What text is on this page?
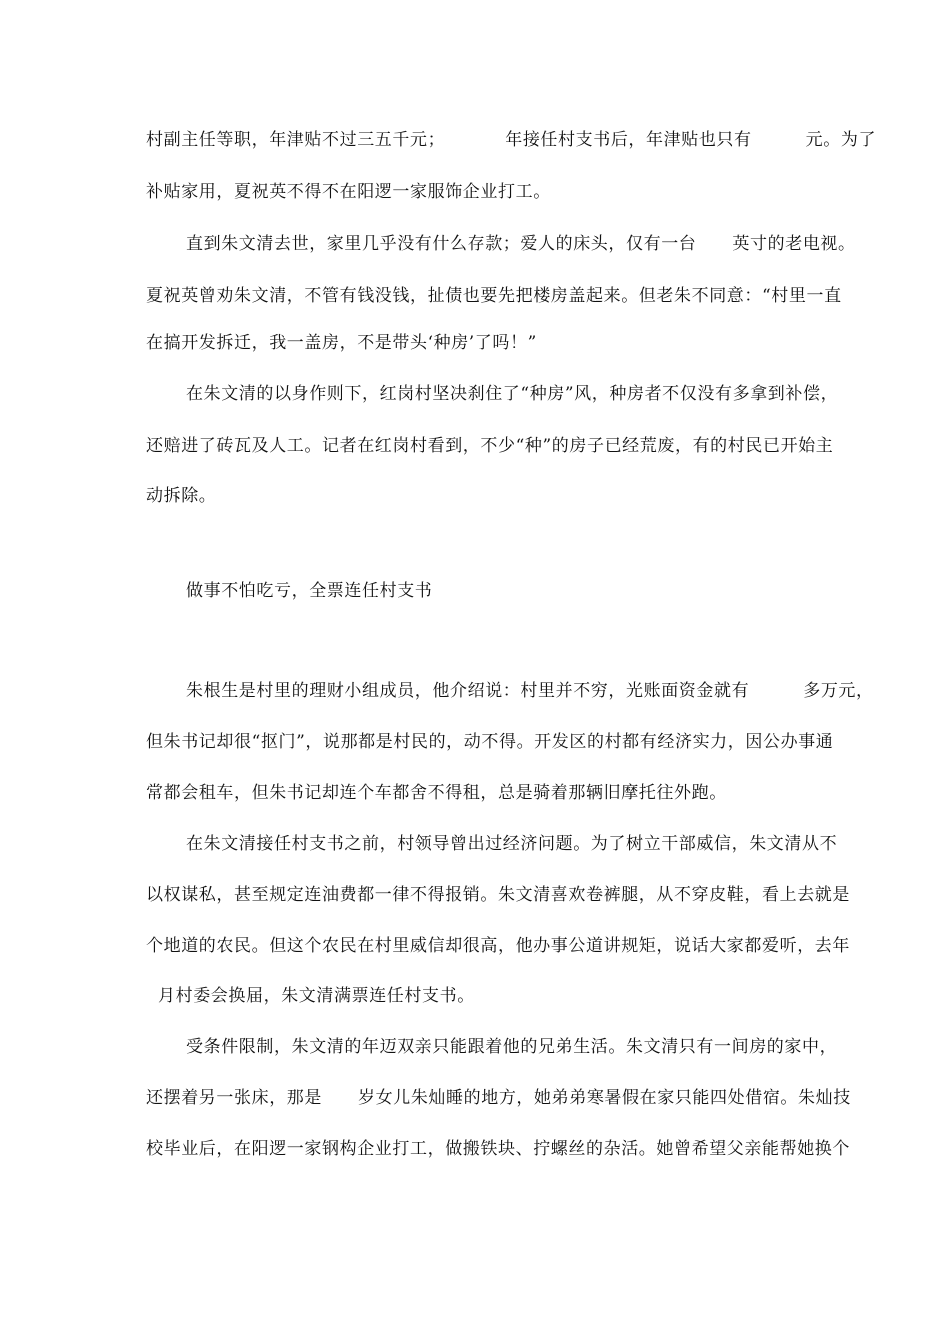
村副主任等职，年津贴不过三五千元；          年接任村支书后，年津贴也只有         元。为了
补贴家用，夏祝英不得不在阳逻一家服饰企业打工。
直到朱文清去世，家里几乎没有什么存款；爱人的床头，仅有一台      英寸的老电视。
夏祝英曾劝朱文清，不管有钱没钱，扯债也要先把楼房盖起来。但老朱不同意：“村里一直
在搞开发拆迁，我一盖房，不是带头‘种房’了吗！”
在朱文清的以身作则下，红岗村坚决刹住了“种房”风，种房者不仅没有多拿到补偿，
还赔进了砖瓦及人工。记者在红岗村看到，不少“种”的房子已经荒废，有的村民已开始主
动拆除。
做事不怕吃亏，全票连任村支书
朱根生是村里的理财小组成员，他介绍说：村里并不穷，光账面资金就有         多万元，
但朱书记却很“抠门”，说那都是村民的，动不得。开发区的村都有经济实力，因公办事通
常都会租车，但朱书记却连个车都舍不得租，总是骑着那辆旧摩托往外跑。
在朱文清接任村支书之前，村领导曾出过经济问题。为了树立干部威信，朱文清从不
以权谋私，甚至规定连油费都一律不得报销。朱文清喜欢卷裤腿，从不穿皮鞋，看上去就是
个地道的农民。但这个农民在村里威信却很高，他办事公道讲规矩，说话大家都爱听，去年
月村委会换届，朱文清满票连任村支书。
受条件限制，朱文清的年迈双亲只能跟着他的兄弟生活。朱文清只有一间房的家中，
还摆着另一张床，那是      岁女儿朱灿睡的地方，她弟弟寒暑假在家只能四处借宿。朱灿技
校毕业后，在阳逻一家钢构企业打工，做搬铁块、拧螺丝的杂活。她曾希望父亲能帮她换个
